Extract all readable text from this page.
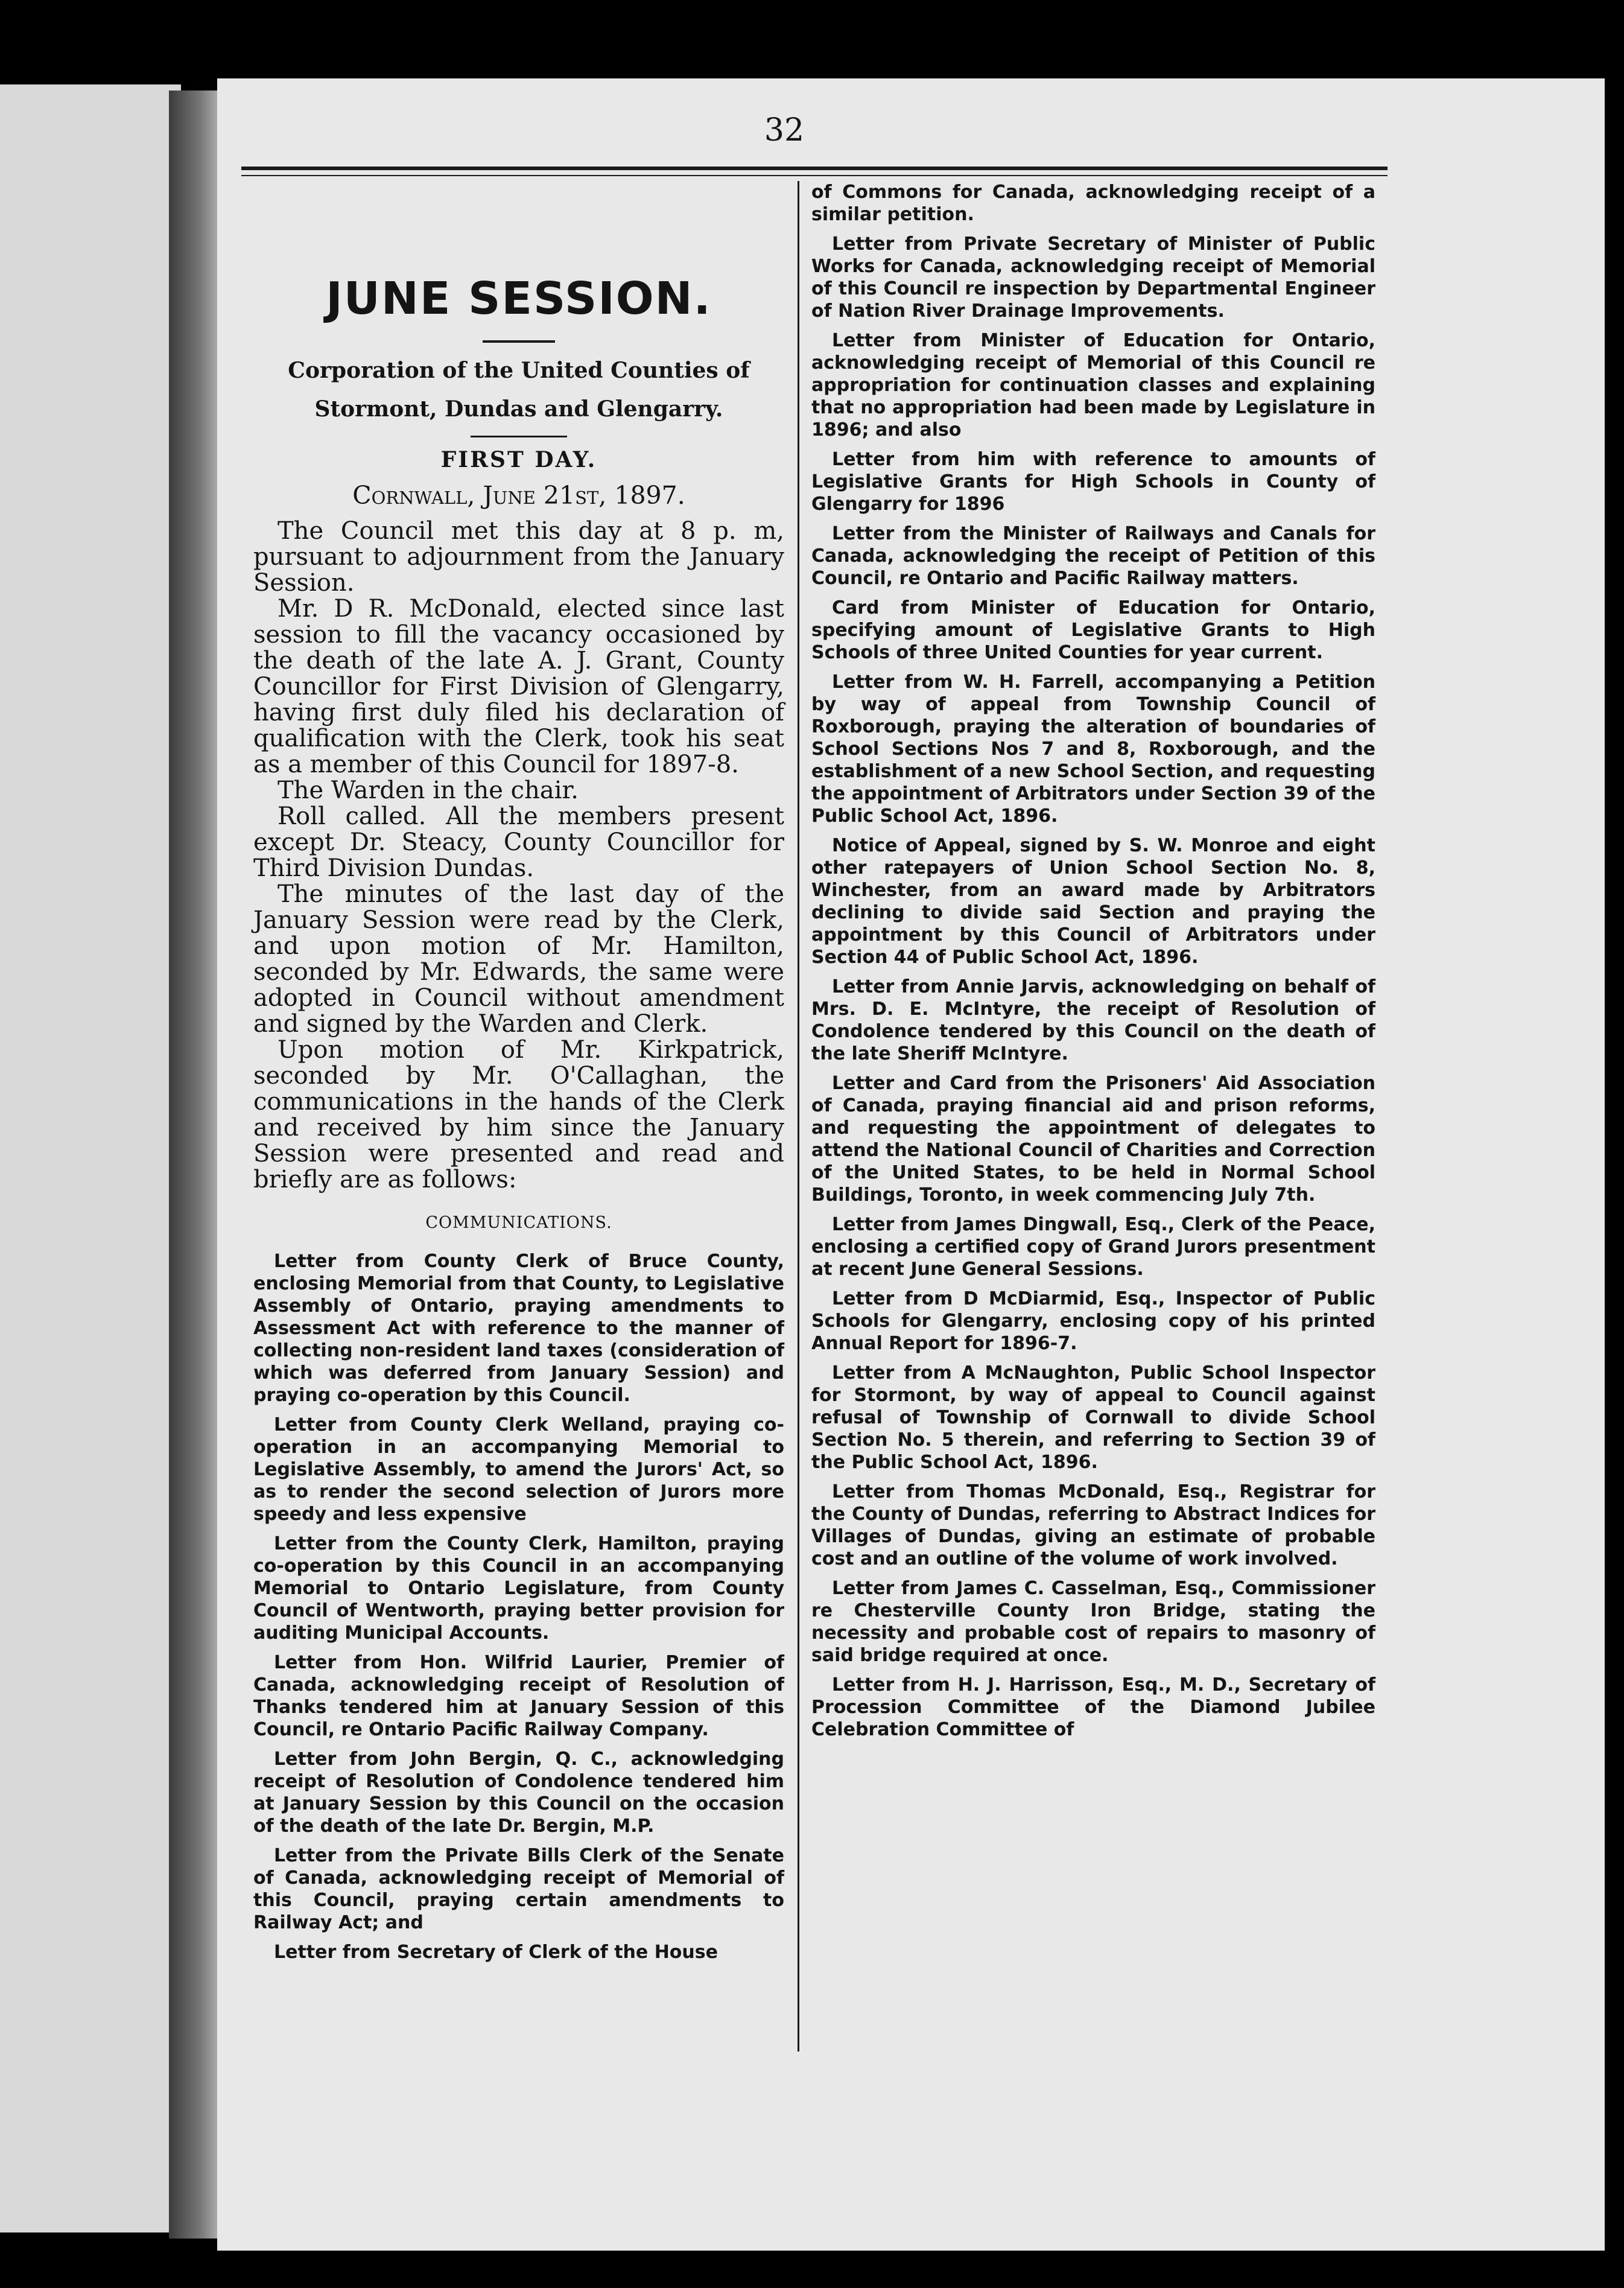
32
JUNE SESSION.

Corporation of the United Counties of Stormont, Dundas and Glengarry.

FIRST DAY.

Cornwall, June 21st, 1897.

The Council met this day at 8 p. m, pursuant to adjournment from the January Session.

Mr. D R. McDonald, elected since last session to fill the vacancy occasioned by the death of the late A. J. Grant, County Councillor for First Division of Glengarry, having first duly filed his declaration of qualification with the Clerk, took his seat as a member of this Council for 1897-8.

The Warden in the chair.

Roll called. All the members present except Dr. Steacy, County Councillor for Third Division Dundas.

The minutes of the last day of the January Session were read by the Clerk, and upon motion of Mr. Hamilton, seconded by Mr. Edwards, the same were adopted in Council without amendment and signed by the Warden and Clerk.

Upon motion of Mr. Kirkpatrick, seconded by Mr. O'Callaghan, the communications in the hands of the Clerk and received by him since the January Session were presented and read and briefly are as follows:

COMMUNICATIONS.

Letter from County Clerk of Bruce County, enclosing Memorial from that County, to Legislative Assembly of Ontario, praying amendments to Assessment Act with reference to the manner of collecting non-resident land taxes (consideration of which was deferred from January Session) and praying co-operation by this Council.

Letter from County Clerk Welland, praying co-operation in an accompanying Memorial to Legislative Assembly, to amend the Jurors' Act, so as to render the second selection of Jurors more speedy and less expensive

Letter from the County Clerk, Hamilton, praying co-operation by this Council in an accompanying Memorial to Ontario Legislature, from County Council of Wentworth, praying better provision for auditing Municipal Accounts.

Letter from Hon. Wilfrid Laurier, Premier of Canada, acknowledging receipt of Resolution of Thanks tendered him at January Session of this Council, re Ontario Pacific Railway Company.

Letter from John Bergin, Q. C., acknowledging receipt of Resolution of Condolence tendered him at January Session by this Council on the occasion of the death of the late Dr. Bergin, M.P.

Letter from the Private Bills Clerk of the Senate of Canada, acknowledging receipt of Memorial of this Council, praying certain amendments to Railway Act; and

Letter from Secretary of Clerk of the House

of Commons for Canada, acknowledging receipt of a similar petition.

Letter from Private Secretary of Minister of Public Works for Canada, acknowledging receipt of Memorial of this Council re inspection by Departmental Engineer of Nation River Drainage Improvements.

Letter from Minister of Education for Ontario, acknowledging receipt of Memorial of this Council re appropriation for continuation classes and explaining that no appropriation had been made by Legislature in 1896; and also

Letter from him with reference to amounts of Legislative Grants for High Schools in County of Glengarry for 1896

Letter from the Minister of Railways and Canals for Canada, acknowledging the receipt of Petition of this Council, re Ontario and Pacific Railway matters.

Card from Minister of Education for Ontario, specifying amount of Legislative Grants to High Schools of three United Counties for year current.

Letter from W. H. Farrell, accompanying a Petition by way of appeal from Township Council of Roxborough, praying the alteration of boundaries of School Sections Nos 7 and 8, Roxborough, and the establishment of a new School Section, and requesting the appointment of Arbitrators under Section 39 of the Public School Act, 1896.

Notice of Appeal, signed by S. W. Monroe and eight other ratepayers of Union School Section No. 8, Winchester, from an award made by Arbitrators declining to divide said Section and praying the appointment by this Council of Arbitrators under Section 44 of Public School Act, 1896.

Letter from Annie Jarvis, acknowledging on behalf of Mrs. D. E. McIntyre, the receipt of Resolution of Condolence tendered by this Council on the death of the late Sheriff McIntyre.

Letter and Card from the Prisoners' Aid Association of Canada, praying financial aid and prison reforms, and requesting the appointment of delegates to attend the National Council of Charities and Correction of the United States, to be held in Normal School Buildings, Toronto, in week commencing July 7th.

Letter from James Dingwall, Esq., Clerk of the Peace, enclosing a certified copy of Grand Jurors presentment at recent June General Sessions.

Letter from D McDiarmid, Esq., Inspector of Public Schools for Glengarry, enclosing copy of his printed Annual Report for 1896-7.

Letter from A McNaughton, Public School Inspector for Stormont, by way of appeal to Council against refusal of Township of Cornwall to divide School Section No. 5 therein, and referring to Section 39 of the Public School Act, 1896.

Letter from Thomas McDonald, Esq., Registrar for the County of Dundas, referring to Abstract Indices for Villages of Dundas, giving an estimate of probable cost and an outline of the volume of work involved.

Letter from James C. Casselman, Esq., Commissioner re Chesterville County Iron Bridge, stating the necessity and probable cost of repairs to masonry of said bridge required at once.

Letter from H. J. Harrisson, Esq., M. D., Secretary of Procession Committee of the Diamond Jubilee Celebration Committee of
